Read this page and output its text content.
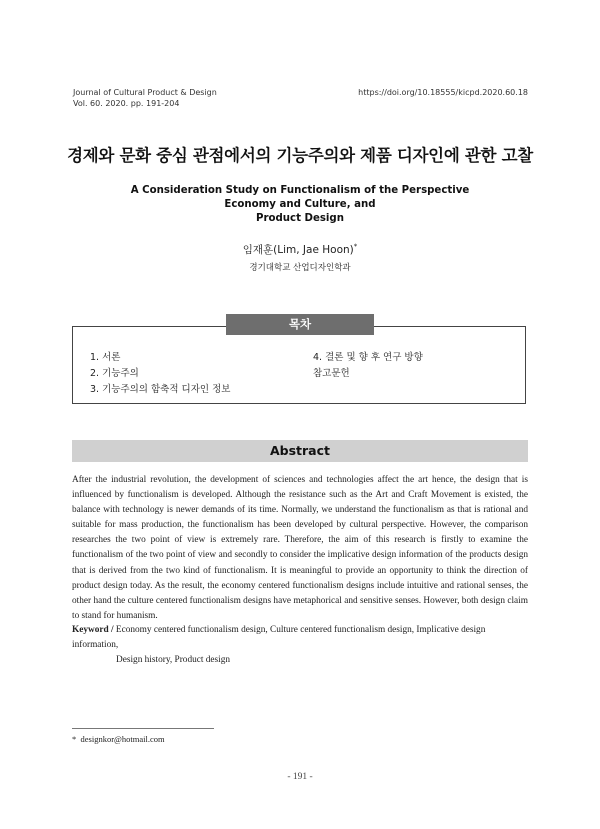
Journal of Cultural Product & Design
Vol. 60. 2020. pp. 191-204
https://doi.org/10.18555/kicpd.2020.60.18
경제와 문화 중심 관점에서의 기능주의와 제품 디자인에 관한 고찰
A Consideration Study on Functionalism of the Perspective Economy and Culture, and
Product Design
임재훈(Lim, Jae Hoon)*
경기대학교 산업디자인학과
목차
1. 서론
2. 기능주의
3. 기능주의의 함축적 디자인 정보
4. 결론 및 향 후 연구 방향
참고문헌
Abstract
After the industrial revolution, the development of sciences and technologies affect the art hence, the design that is influenced by functionalism is developed. Although the resistance such as the Art and Craft Movement is existed, the balance with technology is newer demands of its time. Normally, we understand the functionalism as that is rational and suitable for mass production, the functionalism has been developed by cultural perspective. However, the comparison researches the two point of view is extremely rare. Therefore, the aim of this research is firstly to examine the functionalism of the two point of view and secondly to consider the implicative design information of the products design that is derived from the two kind of functionalism. It is meaningful to provide an opportunity to think the direction of product design today. As the result, the economy centered functionalism designs include intuitive and rational senses, the other hand the culture centered functionalism designs have metaphorical and sensitive senses. However, both design claim to stand for humanism.
Keyword / Economy centered functionalism design, Culture centered functionalism design, Implicative design information,
Design history, Product design
* designkor@hotmail.com
- 191 -
